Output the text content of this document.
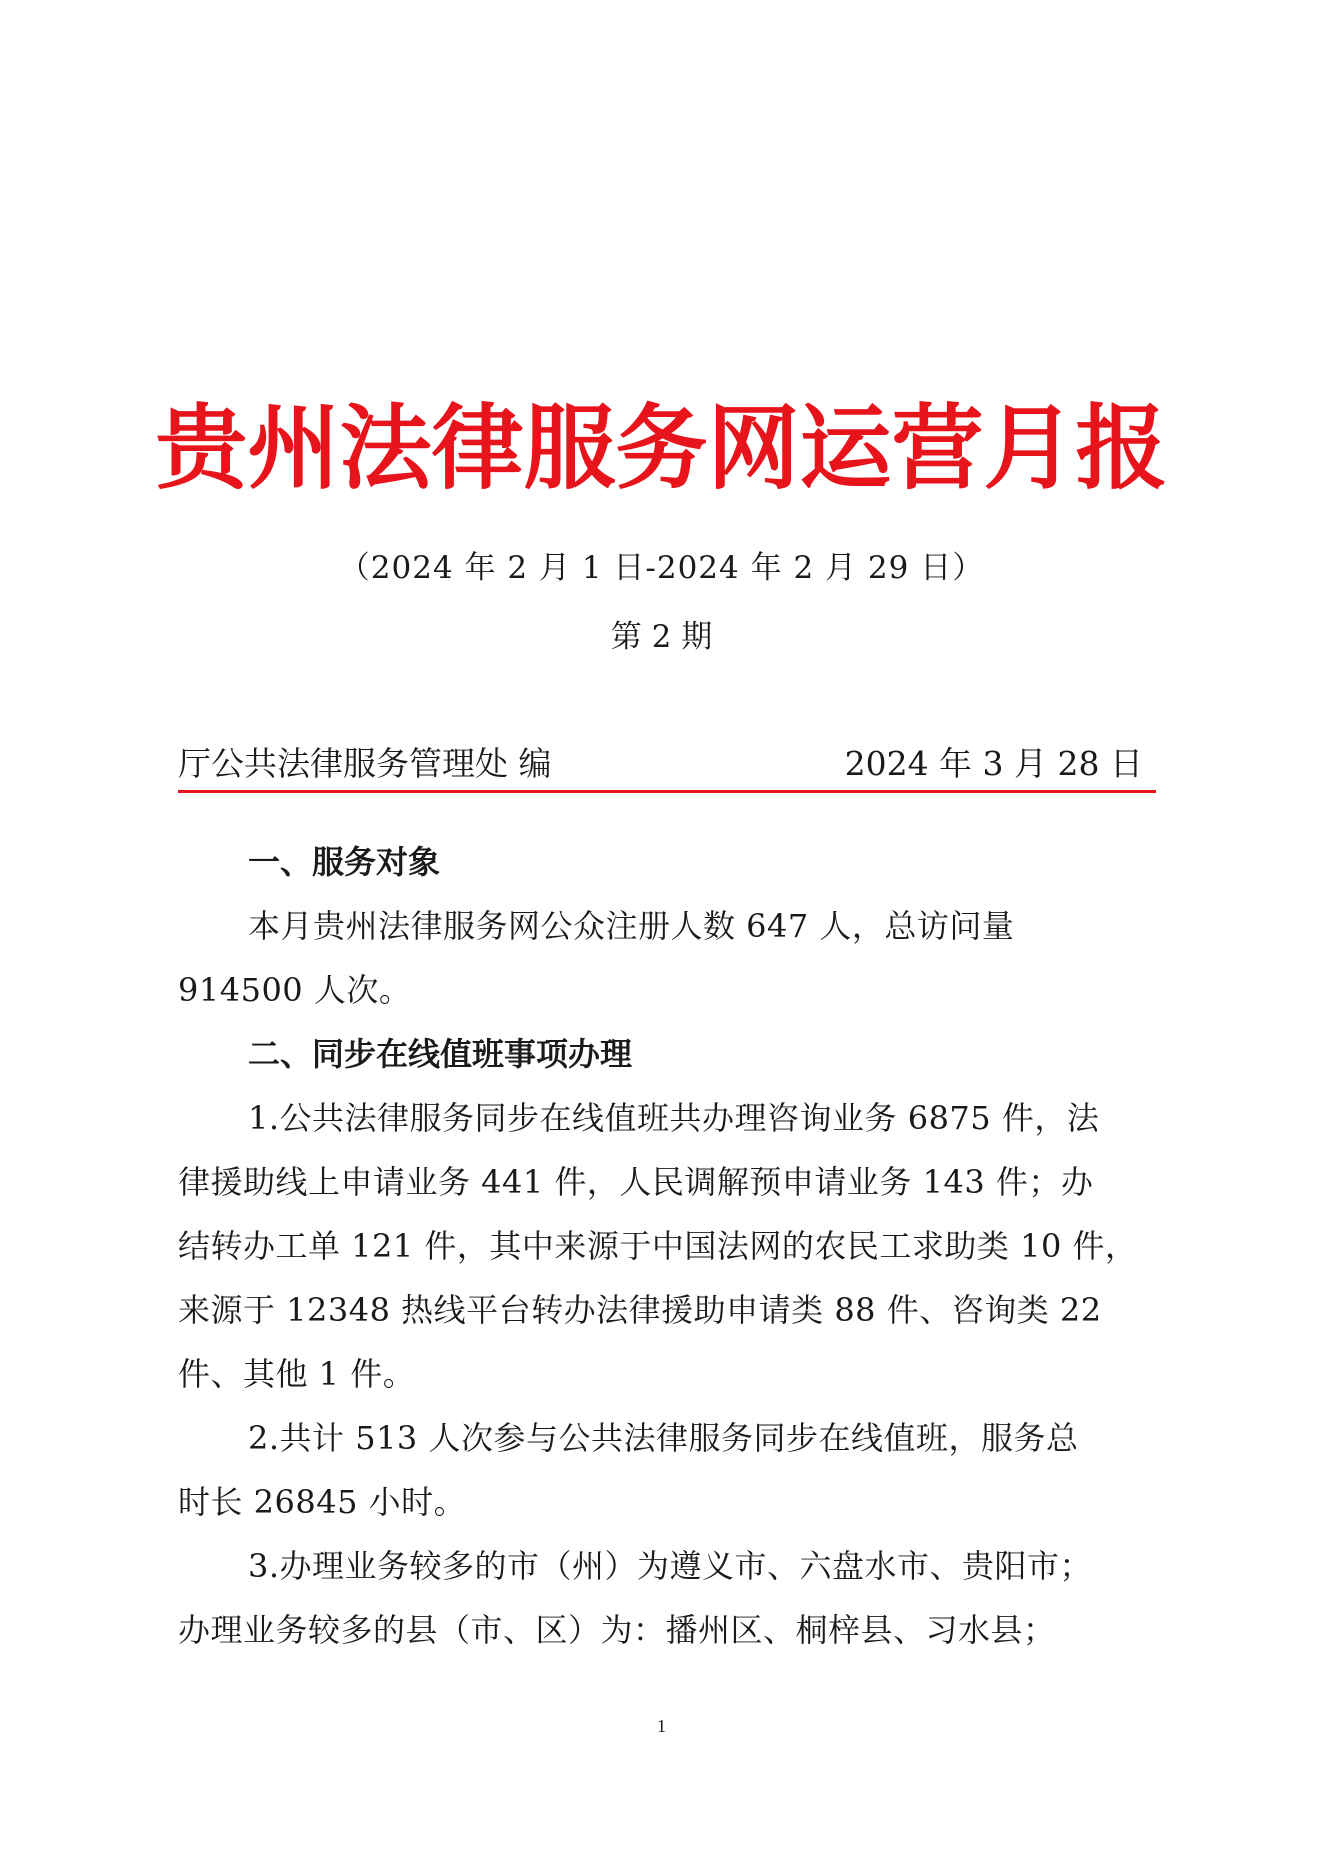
贵州法律服务网运营月报
（2024 年 2 月 1 日-2024 年 2 月 29 日）
第 2 期
厅公共法律服务管理处 编	2024 年 3 月 28 日
一、服务对象
本月贵州法律服务网公众注册人数 647 人，总访问量
914500 人次。
二、同步在线值班事项办理
1.公共法律服务同步在线值班共办理咨询业务 6875 件，法
律援助线上申请业务 441 件，人民调解预申请业务 143 件；办
结转办工单 121 件，其中来源于中国法网的农民工求助类 10 件，
来源于 12348 热线平台转办法律援助申请类 88 件、咨询类 22
件、其他 1 件。
2.共计 513 人次参与公共法律服务同步在线值班，服务总
时长 26845 小时。
3.办理业务较多的市（州）为遵义市、六盘水市、贵阳市；
办理业务较多的县（市、区）为：播州区、桐梓县、习水县；
1
